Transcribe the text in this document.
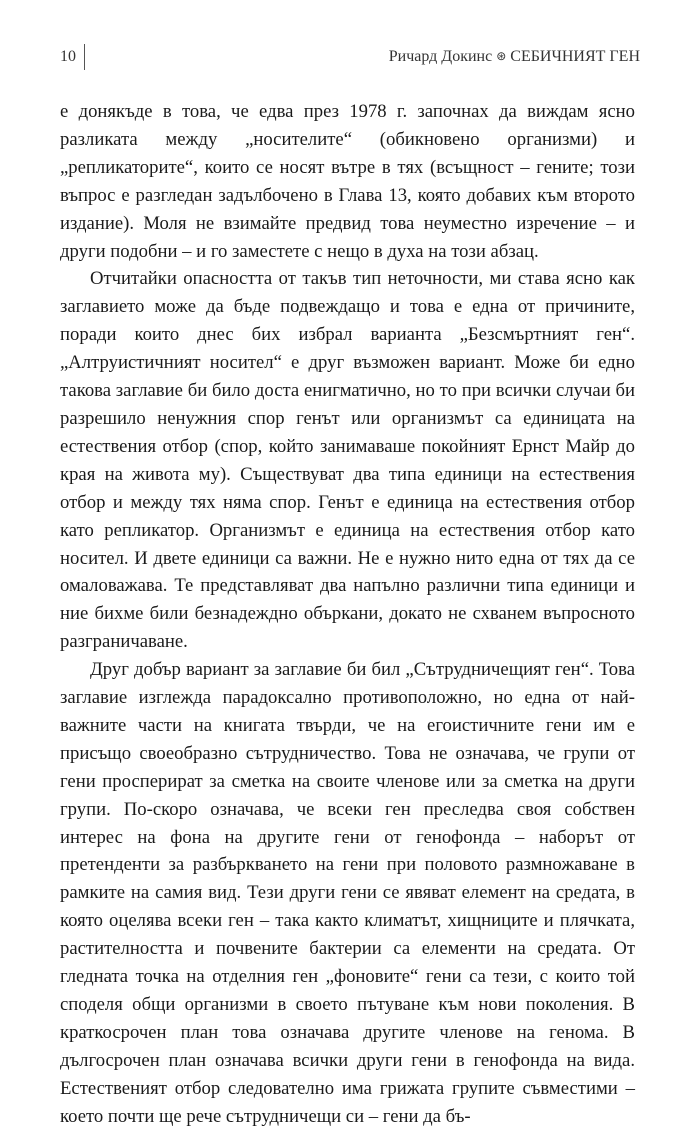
10	Ричард Докинс ⊛ СЕБИЧНИЯТ ГЕН

е донякъде в това, че едва през 1978 г. започнах да виждам ясно разликата между „носителите“ (обикновено организми) и „репликаторите“, които се носят вътре в тях (всъщност – гените; този въпрос е разгледан задълбочено в Глава 13, която добавих към второто издание). Моля не взимайте предвид това неуместно изречение – и други подобни – и го заместете с нещо в духа на този абзац.

Отчитайки опасността от такъв тип неточности, ми става ясно как заглавието може да бъде подвеждащо и това е една от причините, поради които днес бих избрал варианта „Безсмъртният ген“. „Алтруистичният носител“ е друг възможен вариант. Може би едно такова заглавие би било доста енигматично, но то при всички случаи би разрешило ненужния спор генът или организмът са единицата на естествения отбор (спор, който занимаваше покойният Ернст Майр до края на живота му). Съществуват два типа единици на естествения отбор и между тях няма спор. Генът е единица на естествения отбор като репликатор. Организмът е единица на естествения отбор като носител. И двете единици са важни. Не е нужно нито една от тях да се омаловажава. Те представляват два напълно различни типа единици и ние бихме били безнадеждно объркани, докато не схванем въпросното разграничаване.

Друг добър вариант за заглавие би бил „Сътрудничещият ген“. Това заглавие изглежда парадоксално противоположно, но една от най-важните части на книгата твърди, че на егоистичните гени им е присъщо своеобразно сътрудничество. Това не означава, че групи от гени просперират за сметка на своите членове или за сметка на други групи. По-скоро означава, че всеки ген преследва своя собствен интерес на фона на другите гени от генофонда – наборът от претенденти за разбъркването на гени при половото размножаване в рамките на самия вид. Тези други гени се явяват елемент на средата, в която оцелява всеки ген – така както климатът, хищниците и плячката, растителността и почвените бактерии са елементи на средата. От гледната точка на отделния ген „фоновите“ гени са тези, с които той споделя общи организми в своето пътуване към нови поколения. В краткосрочен план това означава другите членове на генома. В дългосрочен план означава всички други гени в генофонда на вида. Естественият отбор следователно има грижата групите съвместими – което почти ще рече сътрудничещи си – гени да бъ-
